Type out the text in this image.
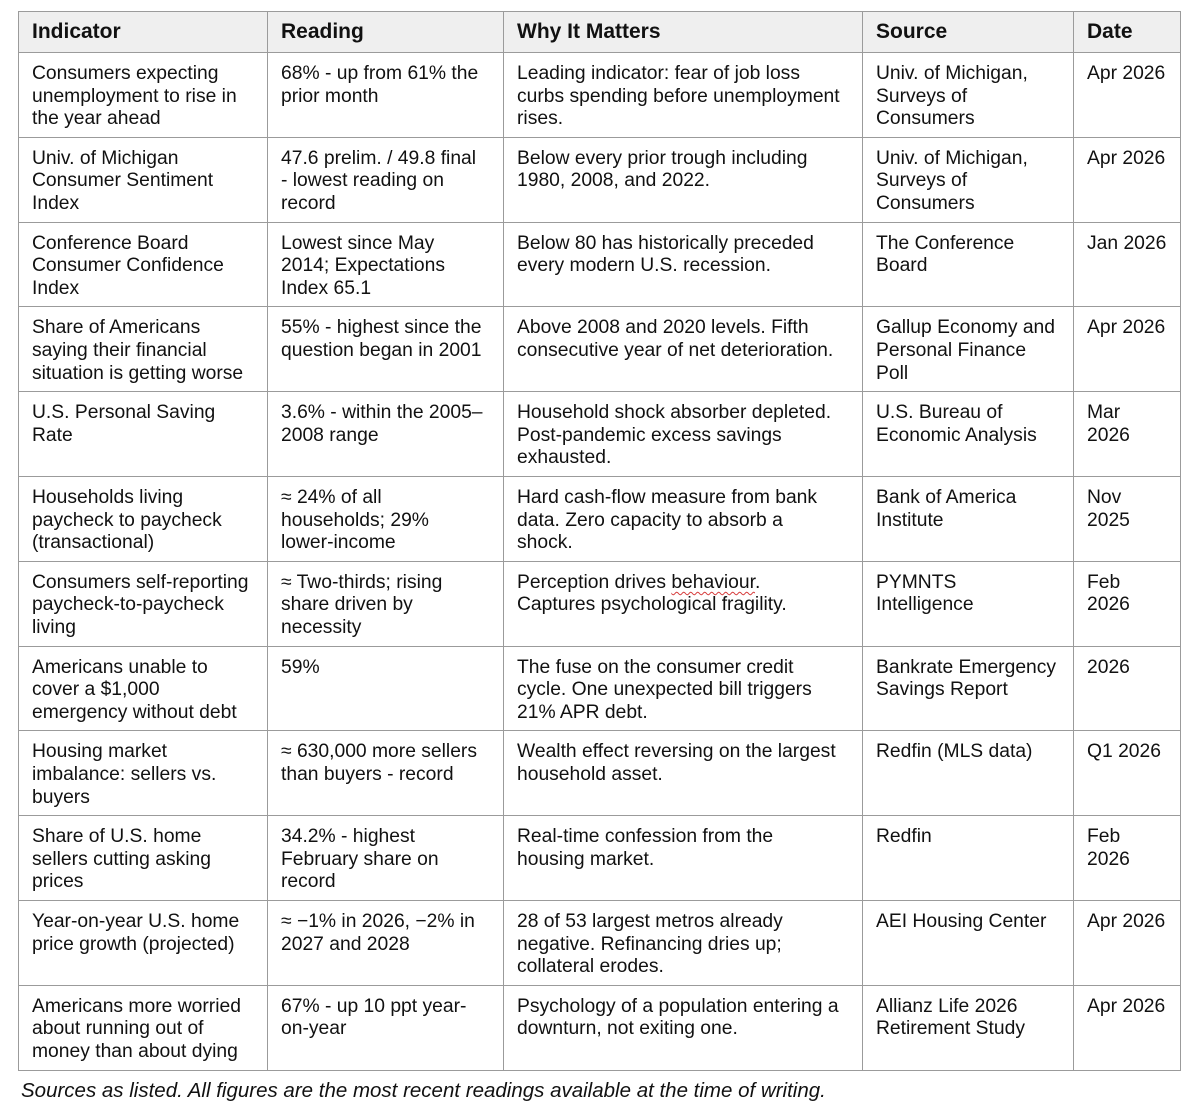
Indicator	Reading	Why It Matters	Source	Date
Consumers expecting
unemployment to rise in
the year ahead	68% - up from 61% the
prior month	Leading indicator: fear of job loss
curbs spending before unemployment
rises.	Univ. of Michigan,
Surveys of
Consumers	Apr 2026
Univ. of Michigan
Consumer Sentiment
Index	47.6 prelim. / 49.8 final
- lowest reading on
record	Below every prior trough including
1980, 2008, and 2022.	Univ. of Michigan,
Surveys of
Consumers	Apr 2026
Conference Board
Consumer Confidence
Index	Lowest since May
2014; Expectations
Index 65.1	Below 80 has historically preceded
every modern U.S. recession.	The Conference
Board	Jan 2026
Share of Americans
saying their financial
situation is getting worse	55% - highest since the
question began in 2001	Above 2008 and 2020 levels. Fifth
consecutive year of net deterioration.	Gallup Economy and
Personal Finance
Poll	Apr 2026
U.S. Personal Saving
Rate	3.6% - within the 2005–
2008 range	Household shock absorber depleted.
Post-pandemic excess savings
exhausted.	U.S. Bureau of
Economic Analysis	Mar
2026
Households living
paycheck to paycheck
(transactional)	≈ 24% of all
households; 29%
lower-income	Hard cash-flow measure from bank
data. Zero capacity to absorb a
shock.	Bank of America
Institute	Nov
2025
Consumers self-reporting
paycheck-to-paycheck
living	≈ Two-thirds; rising
share driven by
necessity	Perception drives behaviour.
Captures psychological fragility.	PYMNTS
Intelligence	Feb
2026
Americans unable to
cover a $1,000
emergency without debt	59%	The fuse on the consumer credit
cycle. One unexpected bill triggers
21% APR debt.	Bankrate Emergency
Savings Report	2026
Housing market
imbalance: sellers vs.
buyers	≈ 630,000 more sellers
than buyers - record	Wealth effect reversing on the largest
household asset.	Redfin (MLS data)	Q1 2026
Share of U.S. home
sellers cutting asking
prices	34.2% - highest
February share on
record	Real-time confession from the
housing market.	Redfin	Feb
2026
Year-on-year U.S. home
price growth (projected)	≈ −1% in 2026, −2% in
2027 and 2028	28 of 53 largest metros already
negative. Refinancing dries up;
collateral erodes.	AEI Housing Center	Apr 2026
Americans more worried
about running out of
money than about dying	67% - up 10 ppt year-
on-year	Psychology of a population entering a
downturn, not exiting one.	Allianz Life 2026
Retirement Study	Apr 2026
Sources as listed. All figures are the most recent readings available at the time of writing.
